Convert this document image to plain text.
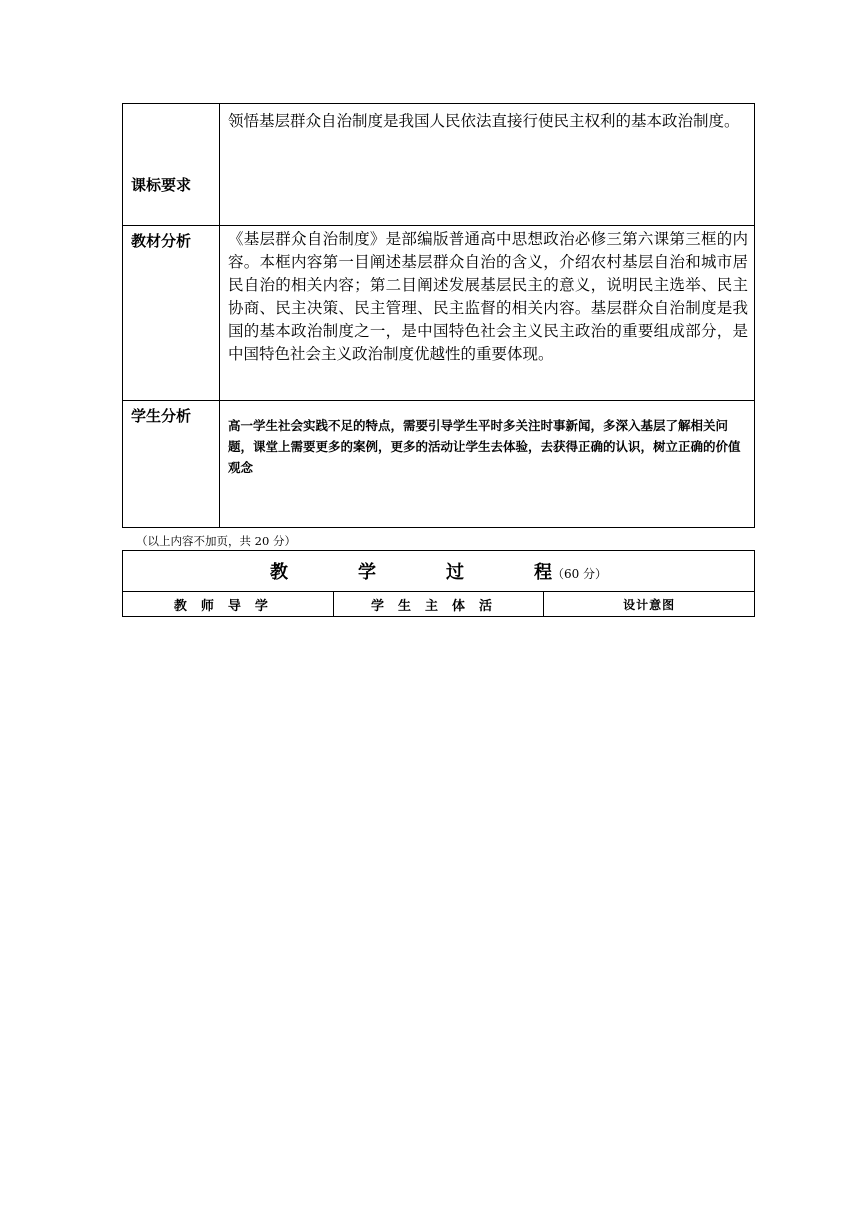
课标要求	领悟基层群众自治制度是我国人民依法直接行使民主权利的基本政治制度。
教材分析	《基层群众自治制度》是部编版普通高中思想政治必修三第六课第三框的内容。本框内容第一目阐述基层群众自治的含义，介绍农村基层自治和城市居民自治的相关内容；第二目阐述发展基层民主的意义，说明民主选举、民主协商、民主决策、民主管理、民主监督的相关内容。基层群众自治制度是我国的基本政治制度之一，是中国特色社会主义民主政治的重要组成部分，是中国特色社会主义政治制度优越性的重要体现。
学生分析	高一学生社会实践不足的特点，需要引导学生平时多关注时事新闻，多深入基层了解相关问题，课堂上需要更多的案例，更多的活动让学生去体验，去获得正确的认识，树立正确的价值观念
（以上内容不加页，共 20 分）
教	学	过	程（60 分）
教师导学	学生主体活	设计意图
